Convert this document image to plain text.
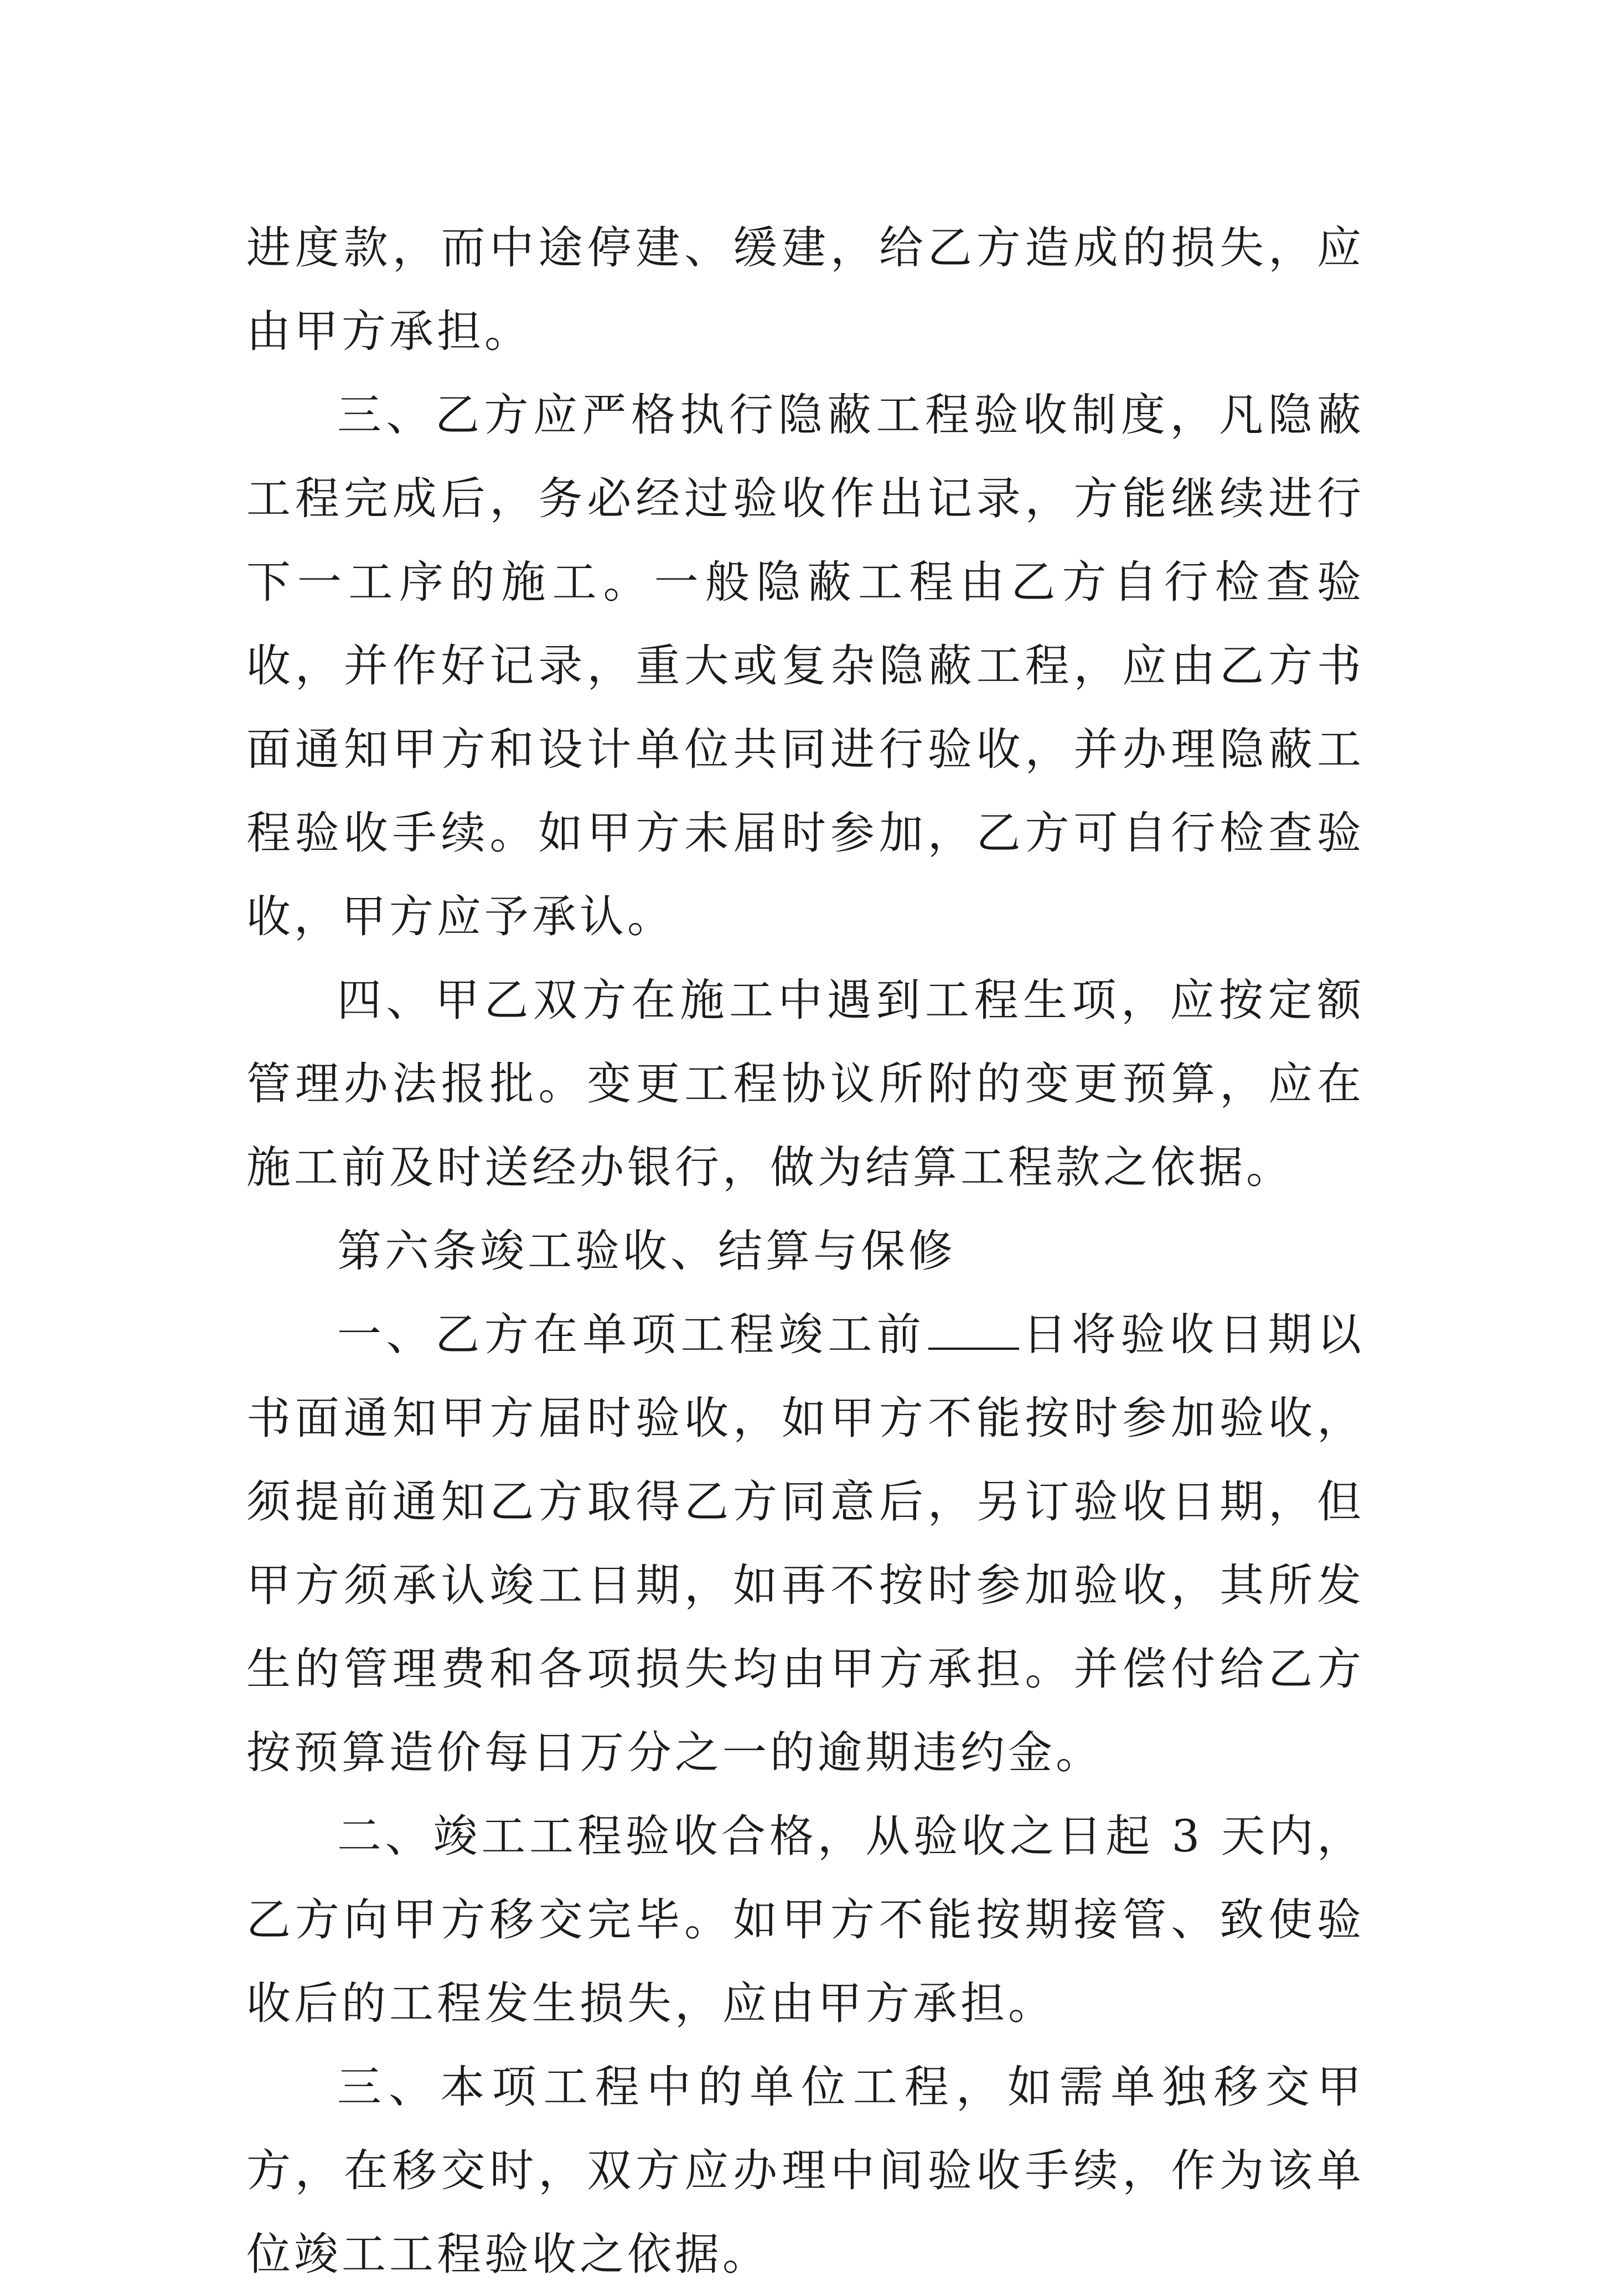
进度款，而中途停建、缓建，给乙方造成的损失，应由甲方承担。

三、乙方应严格执行隐蔽工程验收制度，凡隐蔽工程完成后，务必经过验收作出记录，方能继续进行下一工序的施工。一般隐蔽工程由乙方自行检查验收，并作好记录，重大或复杂隐蔽工程，应由乙方书面通知甲方和设计单位共同进行验收，并办理隐蔽工程验收手续。如甲方未届时参加，乙方可自行检查验收，甲方应予承认。

四、甲乙双方在施工中遇到工程生项，应按定额管理办法报批。变更工程协议所附的变更预算，应在施工前及时送经办银行，做为结算工程款之依据。

第六条竣工验收、结算与保修

一、乙方在单项工程竣工前 日将验收日期以书面通知甲方届时验收，如甲方不能按时参加验收，须提前通知乙方取得乙方同意后，另订验收日期，但甲方须承认竣工日期，如再不按时参加验收，其所发生的管理费和各项损失均由甲方承担。并偿付给乙方按预算造价每日万分之一的逾期违约金。

二、竣工工程验收合格，从验收之日起 3 天内，乙方向甲方移交完毕。如甲方不能按期接管、致使验收后的工程发生损失，应由甲方承担。

三、本项工程中的单位工程，如需单独移交甲方，在移交时，双方应办理中间验收手续，作为该单位竣工工程验收之依据。
